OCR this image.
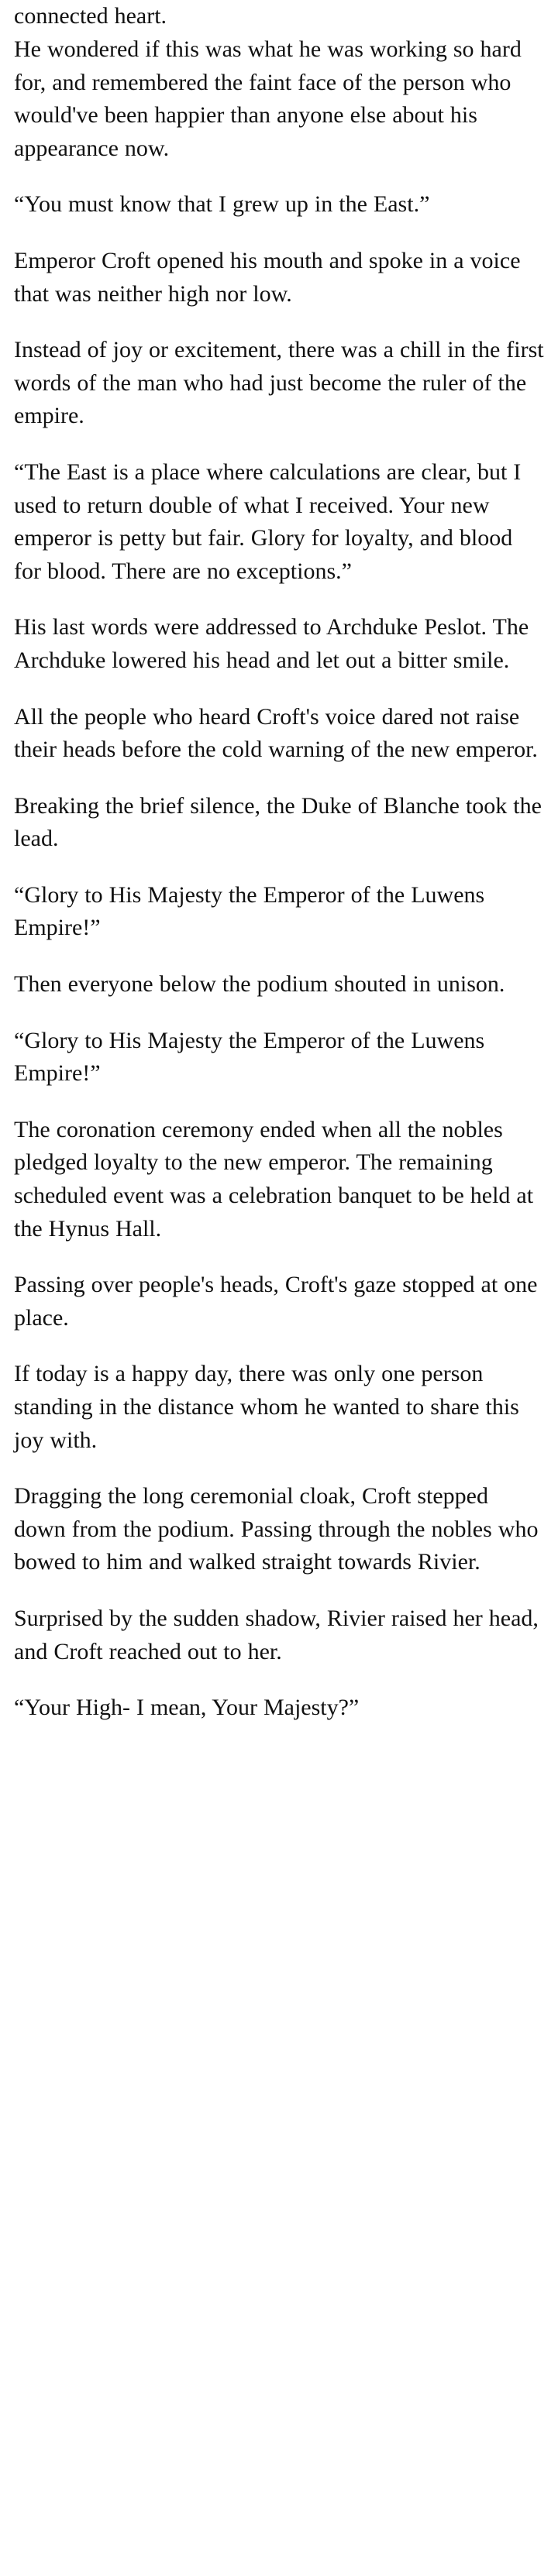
connected heart.

He wondered if this was what he was working so hard for, and remembered the faint face of the person who would've been happier than anyone else about his appearance now.

“You must know that I grew up in the East.”

Emperor Croft opened his mouth and spoke in a voice that was neither high nor low.

Instead of joy or excitement, there was a chill in the first words of the man who had just become the ruler of the empire.

“The East is a place where calculations are clear, but I used to return double of what I received. Your new emperor is petty but fair. Glory for loyalty, and blood for blood. There are no exceptions.”

His last words were addressed to Archduke Peslot. The Archduke lowered his head and let out a bitter smile.

All the people who heard Croft's voice dared not raise their heads before the cold warning of the new emperor.

Breaking the brief silence, the Duke of Blanche took the lead.

“Glory to His Majesty the Emperor of the Luwens Empire!”

Then everyone below the podium shouted in unison.

“Glory to His Majesty the Emperor of the Luwens Empire!”

The coronation ceremony ended when all the nobles pledged loyalty to the new emperor. The remaining scheduled event was a celebration banquet to be held at the Hynus Hall.

Passing over people's heads, Croft's gaze stopped at one place.

If today is a happy day, there was only one person standing in the distance whom he wanted to share this joy with.

Dragging the long ceremonial cloak, Croft stepped down from the podium. Passing through the nobles who bowed to him and walked straight towards Rivier.

Surprised by the sudden shadow, Rivier raised her head, and Croft reached out to her.

“Your High- I mean, Your Majesty?”
